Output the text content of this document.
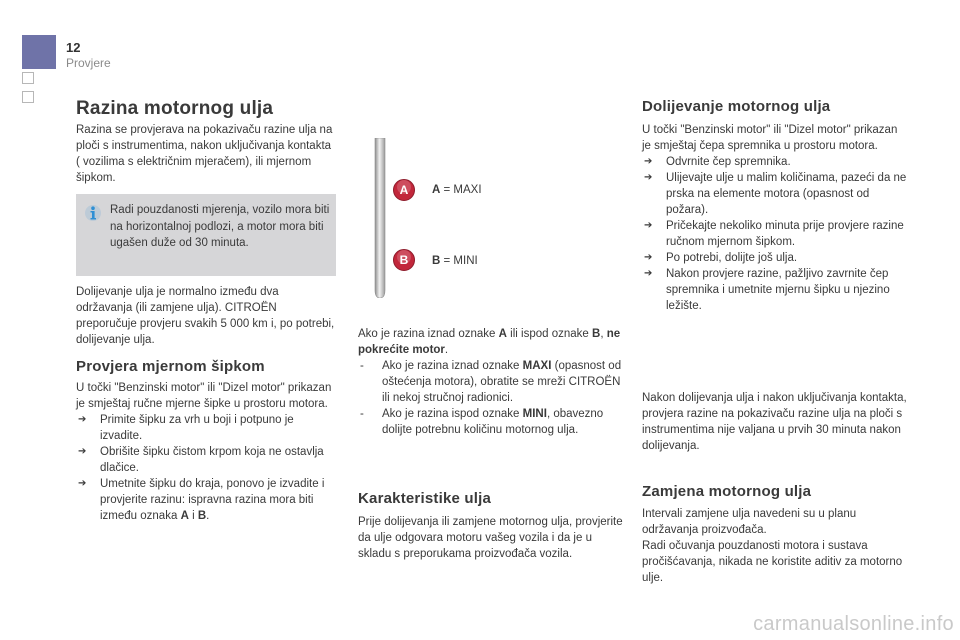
12
Provjere
Razina motornog ulja
Razina se provjerava na pokazivaču razine ulja na ploči s instrumentima, nakon uključivanja kontakta ( vozilima s električnim mjeračem), ili mjernom šipkom.
Radi pouzdanosti mjerenja, vozilo mora biti na horizontalnoj podlozi, a motor mora biti ugašen duže od 30 minuta.
Dolijevanje ulja je normalno između dva održavanja (ili zamjene ulja). CITROËN preporučuje provjeru svakih 5 000 km i, po potrebi, dolijevanje ulja.
Provjera mjernom šipkom

U točki "Benzinski motor" ili "Dizel motor" prikazan je smještaj ručne mjerne šipke u prostoru motora.

➔	Primite šipku za vrh u boji i potpuno je izvadite.
➔	Obrišite šipku čistom krpom koja ne ostavlja dlačice.
➔	Umetnite šipku do kraja, ponovo je izvadite i provjerite razinu: ispravna razina mora biti između oznaka A i B.
A A = MAXI
B B = MINI

Ako je razina iznad oznake A ili ispod oznake B, ne pokrećite motor.

-	Ako je razina iznad oznake MAXI (opasnost od oštećenja motora), obratite se mreži CITROËN ili nekoj stručnoj radionici.
-	Ako je razina ispod oznake MINI, obavezno dolijte potrebnu količinu motornog ulja.
Karakteristike ulja
Prije dolijevanja ili zamjene motornog ulja, provjerite da ulje odgovara motoru vašeg vozila i da je u skladu s preporukama proizvođača vozila.
Dolijevanje motornog ulja

U točki "Benzinski motor" ili "Dizel motor" prikazan je smještaj čepa spremnika u prostoru motora.

➔	Odvrnite čep spremnika.
➔	Ulijevajte ulje u malim količinama, pazeći da ne prska na elemente motora (opasnost od požara).
➔	Pričekajte nekoliko minuta prije provjere razine ručnom mjernom šipkom.
➔	Po potrebi, dolijte još ulja.
➔	Nakon provjere razine, pažljivo zavrnite čep spremnika i umetnite mjernu šipku u njezino ležište.
Nakon dolijevanja ulja i nakon uključivanja kontakta, provjera razine na pokazivaču razine ulja na ploči s instrumentima nije valjana u prvih 30 minuta nakon dolijevanja.
Zamjena motornog ulja

Intervali zamjene ulja navedeni su u planu održavanja proizvođača.

Radi očuvanja pouzdanosti motora i sustava pročišćavanja, nikada ne koristite aditiv za motorno ulje.

carmanualsonline.info
